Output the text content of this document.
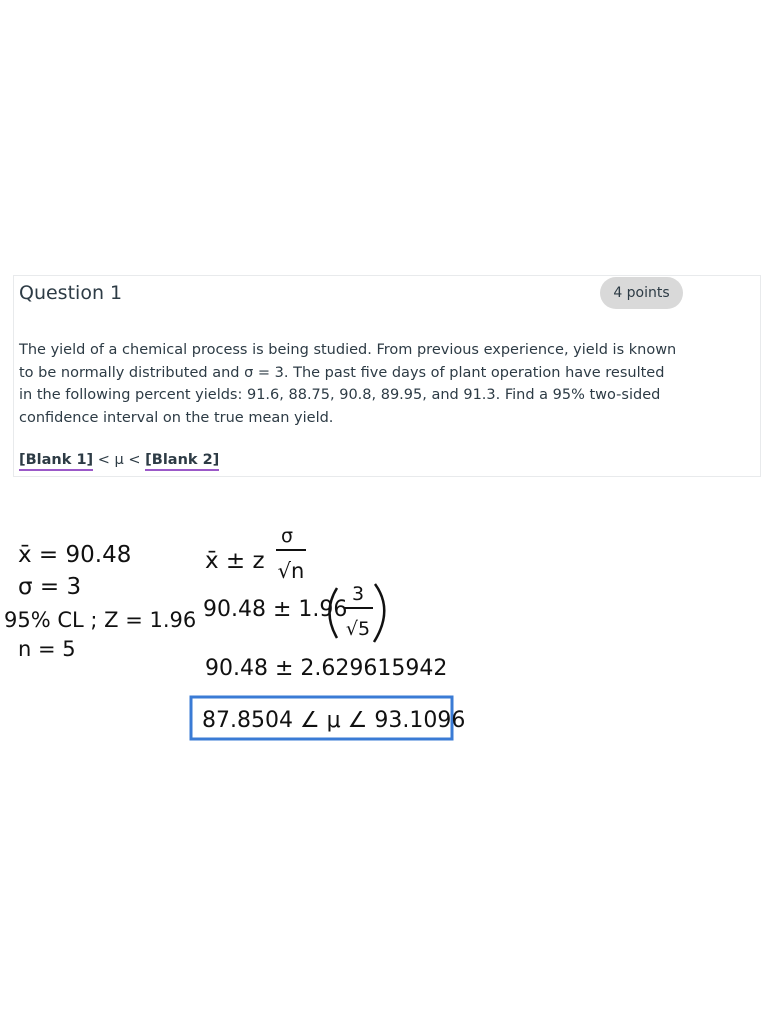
Question 1	4 points
The yield of a chemical process is being studied. From previous experience, yield is known
to be normally distributed and σ = 3. The past five days of plant operation have resulted
in the following percent yields: 91.6, 88.75, 90.8, 89.95, and 91.3. Find a 95% two-sided
confidence interval on the true mean yield.
[Blank 1] < μ < [Blank 2]
x̄ = 90.48
σ = 3
95% CL ; Z = 1.96
n = 5
x̄ ± z
σ
√n
90.48 ± 1.96
3
√5
90.48 ± 2.629615942
87.8504 ∠ μ ∠ 93.1096
